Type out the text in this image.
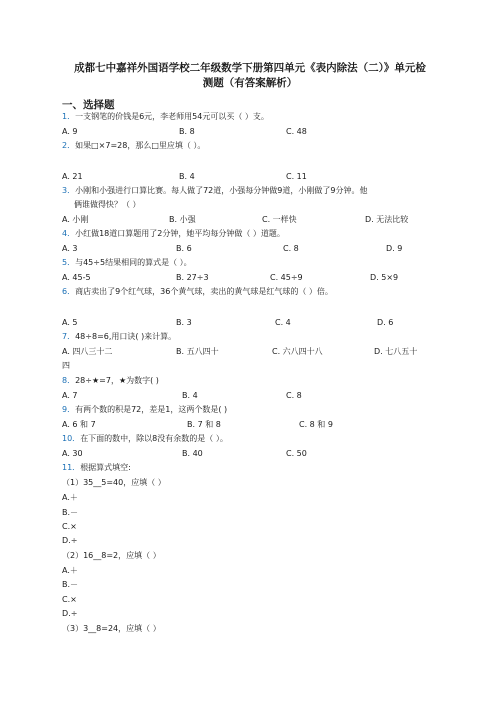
成都七中嘉祥外国语学校二年级数学下册第四单元《表内除法（二）》单元检
测题（有答案解析）
一、选择题
1．一支钢笔的价钱是6元，李老师用54元可以买（ ）支。
A. 9	B. 8	C. 48
2．如果□×7=28，那么□里应填（ ）。
A. 21	B. 4	C. 11
3．小刚和小强进行口算比赛。每人做了72道，小强每分钟做9道，小刚做了9分钟。他
俩谁做得快？（ ）
A. 小刚	B. 小强	C. 一样快	D. 无法比较
4．小红做18道口算题用了2分钟，她平均每分钟做（ ）道题。
A. 3	B. 6	C. 8	D. 9
5．与45÷5结果相同的算式是（ ）。
A. 45-5	B. 27÷3	C. 45÷9	D. 5×9
6．商店卖出了9个红气球，36个黄气球，卖出的黄气球是红气球的（ ）倍。
A. 5	B. 3	C. 4	D. 6
7．48÷8=6,用口诀( )来计算。
A. 四八三十二	B. 五八四十	C. 六八四十八	D. 七八五十
四
8．28÷★=7，★为数字( )
A. 7	B. 4	C. 8
9．有两个数的积是72，差是1，这两个数是( )
A. 6 和 7	B. 7 和 8	C. 8 和 9
10．在下面的数中，除以8没有余数的是（ ）。
A. 30	B. 40	C. 50
11．根据算式填空:
（1）35__5=40，应填（ ）
A.＋
B.－
C.×
D.÷
（2）16__8=2，应填（ ）
A.＋
B.－
C.×
D.÷
（3）3__8=24，应填（ ）
